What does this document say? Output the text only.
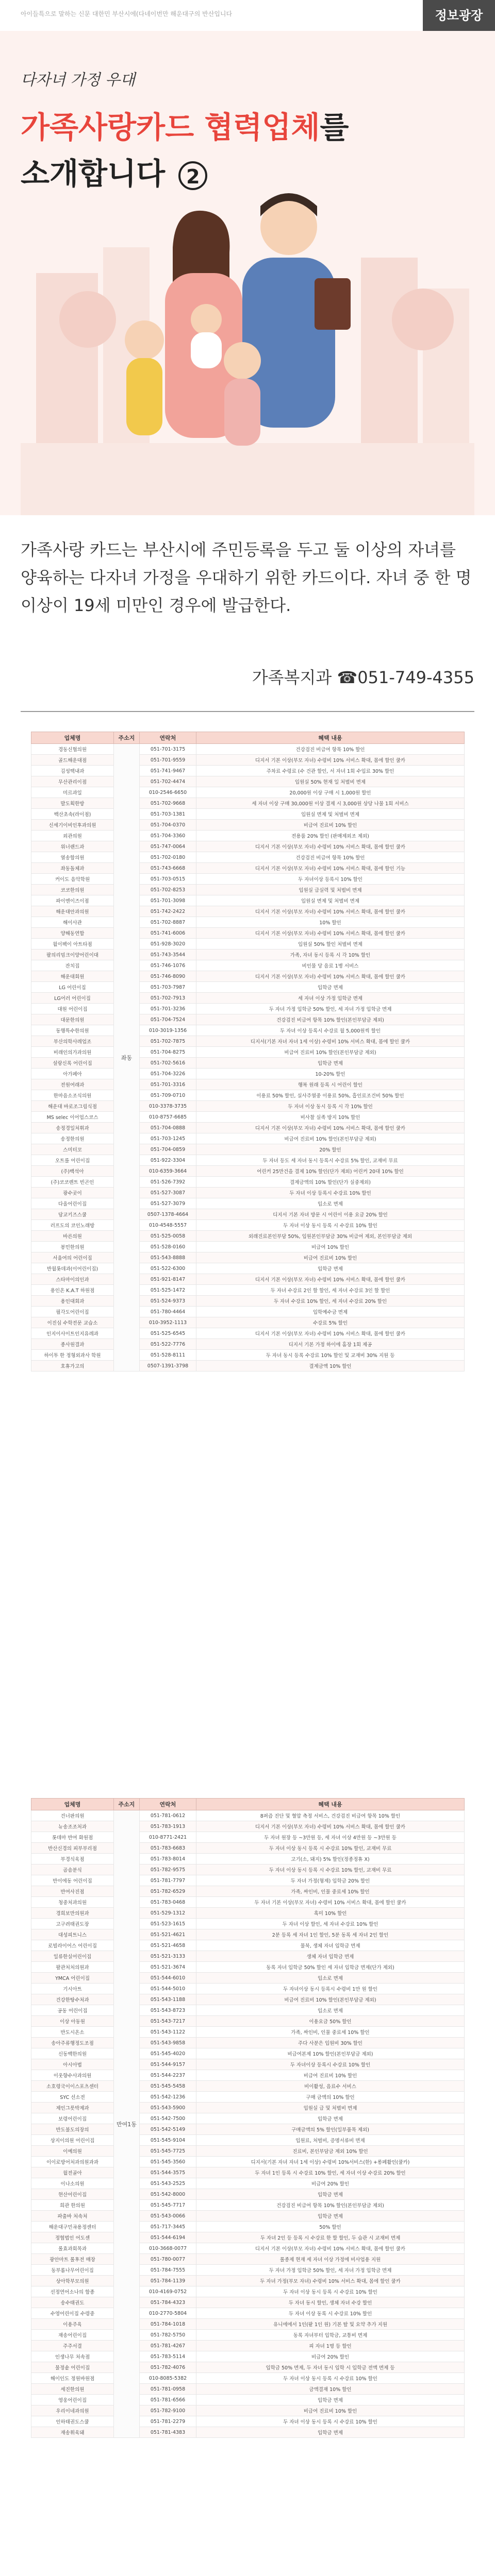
아이들특으로 말하는 신문 대한민 부산시에(다네이번만 해운대구의 반산입니다	정보광장
다자녀 가정 우대
가족사랑카드 협력업체를
소개합니다 2
가족사랑 카드는 부산시에 주민등록을 두고 둘 이상의 자녀를 양육하는 다자녀 가정을 우대하기 위한 카드이다. 자녀 중 한 명 이상이 19세 미만인 경우에 발급한다.
가족복지과 ☎051-749-4355
업체명	주소지	연락처	혜택 내용
경동신협의원	좌동	051-701-3175	건강검진 비급여 항목 10% 할인
골드해운대점		051-701-9559	디지서 기본 이상(부모 자녀) 수령비 10% 서비스 확대, 몸에 할인 쿨카
김성택내과		051-741-9467	주차료 수령료 (수 건관 할인, 서 자녀 1회 수입료 30% 할인
무산관리이점		051-702-4474	입원실 50% 현재 일 처벌비 면제
미르과일		010-2546-6650	20,000원 이상 구매 시 1,000원 할인
발도획한방		051-702-9668	세 자녀 이상 구매 30,000원 이상 결제 시 3,000원 상당 나물 1회 서비스
백산초속(라이점)		051-703-1381	입원실 면제 및 처벌비 면제
신세기이비인후과의원		051-704-0370	비급여 진료비 10% 할인
외관의원		051-704-3360	전용룸 20% 할인 (판매제외조 제외)
위너랜드과		051-747-0064	디지서 기본 이상(부모 자녀) 수령비 10% 서비스 확대, 몸에 할인 쿨카
열송합의원		051-702-0180	건강검진 비급여 항목 10% 할인
좌동돌체과		051-743-6668	디지서 기본 이상(부모 자녀) 수령비 10% 서비스 확대, 몸에 할인 기능
커이도 음악학원		051-703-0515	두 자녀이상 등록시 10% 할인
코코한의원		051-702-8253	입원실 급실력 및 처벌비 면제
파이엔이즈이점		051-701-3098	입원실 면제 및 처벌비 면제
해운대안과의원		051-742-2422	디지서 기본 이상(부모 자녀) 수령비 10% 서비스 확대, 몸에 할인 쿨카
해이사관		051-702-8887	10% 할인
양해동연합		051-741-6006	디지서 기본 이상(부모 자녀) 수령비 10% 서비스 확대, 몸에 할인 쿨카
월이팩이 아트타점		051-928-3020	입원실 50% 할인 처벌비 면제
팔의리밈크이양어린이대		051-743-3544	가족, 자녀 동시 등록 시 각 10% 할인
잔치집		051-746-1076	비인물 당 음료 1병 서비스
해운대회원		051-746-8090	디지서 기본 이상(부모 자녀) 수령비 10% 서비스 확대, 몸에 할인 쿨카
LG 어린이집		051-703-7987	입학금 면제
LG어러 어린이집		051-702-7913	세 자녀 이상 가정 입학금 면제
대원 어린이집		051-701-3236	두 자녀 가정 입학금 50% 할인, 세 자녀 가정 입학금 면제
대문한의원		051-704-7524	건강검진 비급여 항목 10% 할인(본인부담금 제외)
동행특수한의원		010-3019-1356	두 자녀 이상 등록시 수강료 월 5,000원씩 할인
부산의학사레업조		051-702-7875	디지서(기본 자녀 자녀 1세 이상) 수령비 10% 서비스 확대, 몸에 할인 쿨카
비래인의가과의원		051-704-8275	비급여 진료비 10% 할인(본인부담금 제외)
설랑신록 어린이집		051-702-5616	입학금 면제
아가페아		051-704-3226	10-20% 할인
전원여래과		051-701-3316	행복 원래 등록 시 어린이 할인
한마음소조식의원		051-709-0710	이용료 50% 할인, 실사주열중 이용료 50%, 흡인료조건비 50% 할인
해운대 바로조그림식점		010-3378-3735	두 자녀 이상 동시 등록 시 각 10% 할인
MS selec 이어업스코스		010-8757-6685	비사찰 실족 방지 10% 할인
송정경일처휘과		051-704-0888	디지서 기본 이상(부모 자녀) 수령비 10% 서비스 확대, 몸에 할인 쿨카
송정한의원		051-703-1245	비급여 진료비 10% 할인(본인부담금 제외)
스미터꼬		051-704-0859	20% 할인
오트를 어린이집		051-922-3304	두 자녀 등도 세 자녀 동시 등록시 수강료 5% 할인, 교재비 무료
(주)백석아		010-6359-3664	어린커 25만건을 결제 10% 할인(단가 제외) 어린커 20대 10% 할인
(주)코코렌트 빈곤인		051-526-7392	결제금액의 10% 할인(단가 실중제외)
광수곳이		051-527-3087	두 자녀 이상 등록시 수강료 10% 할인
다올어린이집		051-527-3079	입소로 면제
담교키즈스쿨		0507-1378-4664	디지서 기본 자녀 방문 시 어린이 이용 요금 20% 할인
러프도의 코인노래방		010-4548-5557	두 자녀 이상 동시 등록 시 수강료 10% 할인
바른의원		051-525-0058	외래진료본인부담 50%, 입원본인부담금 30% 비급여 제외, 본인부담금 제외
봉민한의원		051-528-0160	비급여 10% 할인
서울여의 어린이집		051-543-8888	비급여 진료비 10% 할인
반월롯데과(이어린이집)		051-522-6300	입학금 면제
스타마이의인과		051-921-8147	디지서 기본 이상(부모 자녀) 수령비 10% 서비스 확대, 몸에 할인 쿨카
용인온 K.A.T 하원점		051-525-1472	두 자녀 수강료 2인 할 할인, 세 자녀 수강료 3인 할 할인
용인대회과		051-524-9373	두 자녀 수강료 10% 할인, 세 자녀 수강료 20% 할인
필각도어린이집		051-780-4464	입학예수금 면제
이진심 수학전문 교습소		010-3952-1113	수강료 5% 할인
인지이사이트인지유레과		051-525-6545	디지서 기본 이상(부모 자녀) 수령비 10% 서비스 확대, 몸에 할인 쿨카
종사원결과		051-522-7776	디지서 기본 가정 하이에 홈장 1회 제공
하이투 한 정형외과사 학원		051-528-8111	두 자녀 동시 등록 수강료 10% 할인 및 교재비 30% 지원 등
호휴가고의		0507-1391-3798	결제금액 10% 할인
업체명	주소지	연락처	혜택 내용
건너판의원	반여1동	051-781-0612	8퍼즘 진단 및 혈압 측정 서비스, 건강검진 비급여 항목 10% 할인
뉴송조조처과		051-783-1913	디지서 기본 이상(부모 자녀) 수령비 10% 서비스 확대, 몸에 할인 쿨카
롯데마 반여 화원점		010-8771-2421	두 자녀 원장 등 ~3만원 등, 세 자녀 이상 4만원 등 ~3만원 등
반산신경의 피부부리점		051-783-6683	두 자녀 이상 동시 등록 시 수강료 10% 할인, 교재비 무료
부경식육점		051-783-8014	고기(소, 돼지) 5% 할인(정종정휴 X)
곰솜분식		051-782-9575	두 자녀 이상 동시 등록 시 수강료 10% 할인, 교재비 무료
반이에동 어린이집		051-781-7797	두 자녀 가정(형제) 입학금 20% 할인
반여사진점		051-782-6529	가족, 싸인비, 인물 중료세 10% 할인
청중처과의원		051-783-0468	두 자녀 기본 이상(부모 자녀) 수령비 10% 서비스 확대, 몸에 할인 쿨카
경희보만의원과		051-529-1312	흑미 10% 할인
고구려태권도장		051-523-1615	두 자녀 이상 할인, 세 자녀 수강료 10% 할인
대성피트니스		051-521-4621	2분 등록 세 자녀 1인 할인, 5분 동록 세 자녀 2인 할인
로빌라이어스 어린이집		051-521-4658	물북, 생체 자녀 입학금 면제
일류한실어린이집		051-521-3133	생체 자녀 입학금 면제
팔관처처의원과		051-521-3674	동록 자녀 입학금 50% 할인 세 자녀 입학금 면제(단가 제외)
YMCA 어린이집		051-544-6010	입소로 면제
기시아트		051-544-5010	두 자녀이상 동시 등록시 수령비 1만 원 할인
건강한탕수처과		051-543-1188	비급여 진료비 10% 할인(본인부담금 제외)
공동 어린이집		051-543-8723	입소로 면제
이상 아동원		051-543-7217	이용요금 50% 할인
반도시온소		051-543-1122	가족, 싸인비, 인물 중료세 10% 할인
송아주류행정도조점		051-543-9858	주다 사분은 입원비 30% 할인
신동백한의원		051-545-4020	비급여본제 10% 할인(본인부담금 제외)
아시아법		051-544-9157	두 자녀이상 등록시 수강료 10% 할인
이웃향수사과의원		051-544-2237	비급여 진료비 10% 할인
소호령국이이스포츠센터		051-545-5458	비이활성, 음료수 서비스
SYC 선소전		051-542-1236	구매 금액의 10% 할인
제인그릇박제과		051-543-5900	입원실 급 및 처벌비 면제
보령어린이집		051-542-7500	입학금 면제
반도불도의장의		051-542-5149	구매금액의 5% 할인(일부품목 제외)
상지이의원 어린이집		051-545-9104	입원료, 처벌비, 증명서류비 면제
이예의원		051-545-7725	진료비, 본인부담금 제외 10% 할인
이이로방어처과의원과과		051-545-3560	디지서(기본 자녀 자녀 1세 이상) 수령비 10%서비스(한) +롱페활인(쿨카)
월전골아		051-544-3575	두 자녀 1인 등록 시 수강료 10% 할인, 세 자녀 이상 수강료 20% 할인
이나소의원		051-543-2525	비급여 20% 할인
현산어린이집		051-542-8000	입학금 면제
희관 한의원		051-545-7717	건강검진 비급여 항목 10% 할인(본인부담금 제외)
파출바 처속처		051-543-0066	입학금 면제
해운대구민곡용정센터		051-717-3445	50% 할인
정협법인 어도센		051-544-6194	두 자녀 2인 등 등록 시 수강료 한 할 할인, 두 습관 시 교재비 면제
롤효과회목과		010-3668-0077	디지서 기본 이상(부모 자녀) 수령비 10% 서비스 확대, 몸에 할인 쿨카
광안마트 롤후전 매장		051-780-0077	롤종제 현재 세 자녀 이상 가정에 비사업용 지원
동부롬나무어린이집		051-784-7555	두 자녀 가정 입학금 50% 할인, 세 자녀 가정 입학금 면제
상아학부모의원		051-784-1139	두 자녀 가정(부모 자녀) 수령비 10% 서비스 확대, 몸에 할인 쿨카
선정연어소나의 합종		010-4169-0752	두 자녀 이상 동시 등록 시 수강료 10% 할인
송수태권도		051-784-4323	두 자녀 동시 할인, 생체 자녀 수강 할인
수영어린이집 수령중		010-2770-5804	두 자녀 이상 동록 시 수강료 10% 할인
이용주육		051-784-1018	유니에에서 1인(팥 1인 원) 기본 탈 및 요약 추가 지원
재송어린이집		051-782-5750	동록 자녀부터 입학금, 교통비 면제
주주서결		051-781-4267	피 자녀 1명 등 할인
인생나무 처속점		051-783-5114	비급여 20% 할인
물정솥 어린이집		051-782-4076	입학금 50% 면제, 두 자녀 동시 입학 시 입학금 전액 면제 등
해이인도 정원바원점		010-8085-5382	두 자녀 이상 동시 등록 시 수강료 10% 할인
세진한의원		051-781-0958	금액결재 10% 할인
영웅어린이집		051-781-6566	입학금 면제
우리이네과의원		051-782-9100	비급여 진료비 10% 할인
인하태권도스쿨		051-781-2279	두 자녀 이상 동시 등록 시 수강료 10% 할인
재송휘육돼		051-781-4383	입학금 면제
